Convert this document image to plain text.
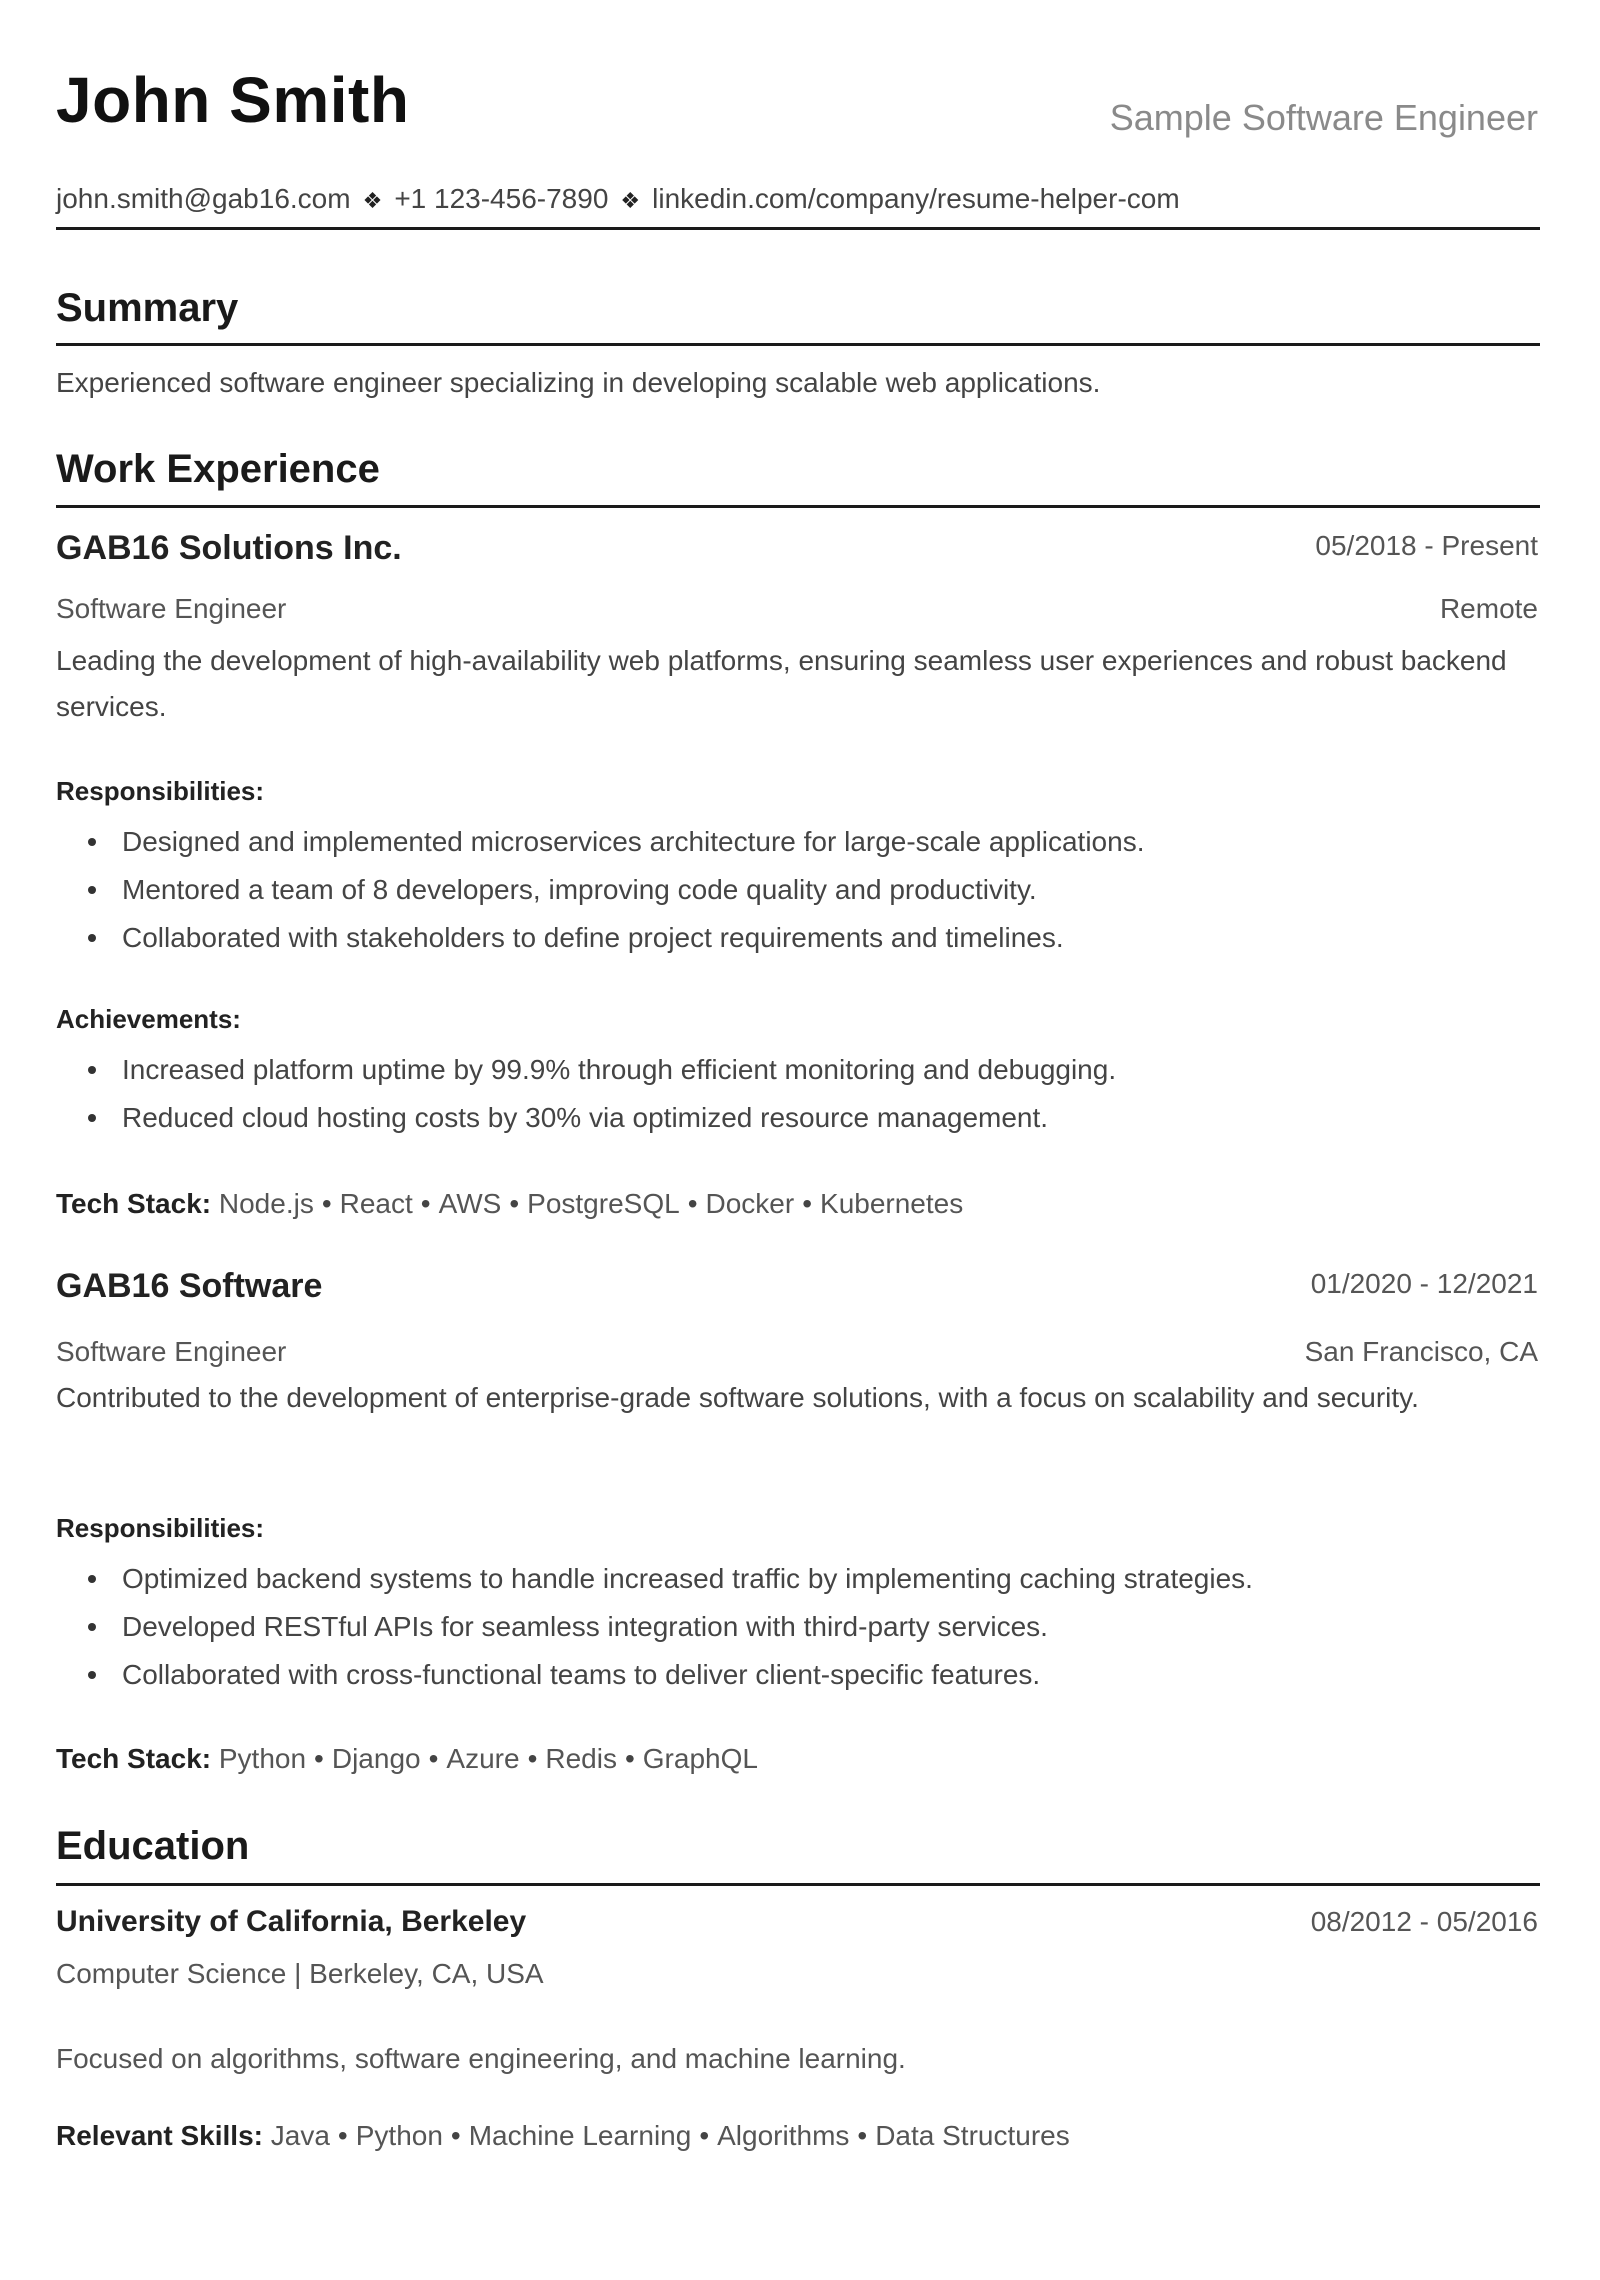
John Smith	Sample Software Engineer
john.smith@gab16.com ❖ +1 123-456-7890 ❖ linkedin.com/company/resume-helper-com
Summary
Experienced software engineer specializing in developing scalable web applications.
Work Experience
GAB16 Solutions Inc.	05/2018 - Present
Software Engineer	Remote
Leading the development of high-availability web platforms, ensuring seamless user experiences and robust backend services.
Responsibilities:
Designed and implemented microservices architecture for large-scale applications.
Mentored a team of 8 developers, improving code quality and productivity.
Collaborated with stakeholders to define project requirements and timelines.
Achievements:
Increased platform uptime by 99.9% through efficient monitoring and debugging.
Reduced cloud hosting costs by 30% via optimized resource management.
Tech Stack: Node.js • React • AWS • PostgreSQL • Docker • Kubernetes
GAB16 Software	01/2020 - 12/2021
Software Engineer	San Francisco, CA
Contributed to the development of enterprise-grade software solutions, with a focus on scalability and security.
Responsibilities:
Optimized backend systems to handle increased traffic by implementing caching strategies.
Developed RESTful APIs for seamless integration with third-party services.
Collaborated with cross-functional teams to deliver client-specific features.
Tech Stack: Python • Django • Azure • Redis • GraphQL
Education
University of California, Berkeley	08/2012 - 05/2016
Computer Science | Berkeley, CA, USA
Focused on algorithms, software engineering, and machine learning.
Relevant Skills: Java • Python • Machine Learning • Algorithms • Data Structures
